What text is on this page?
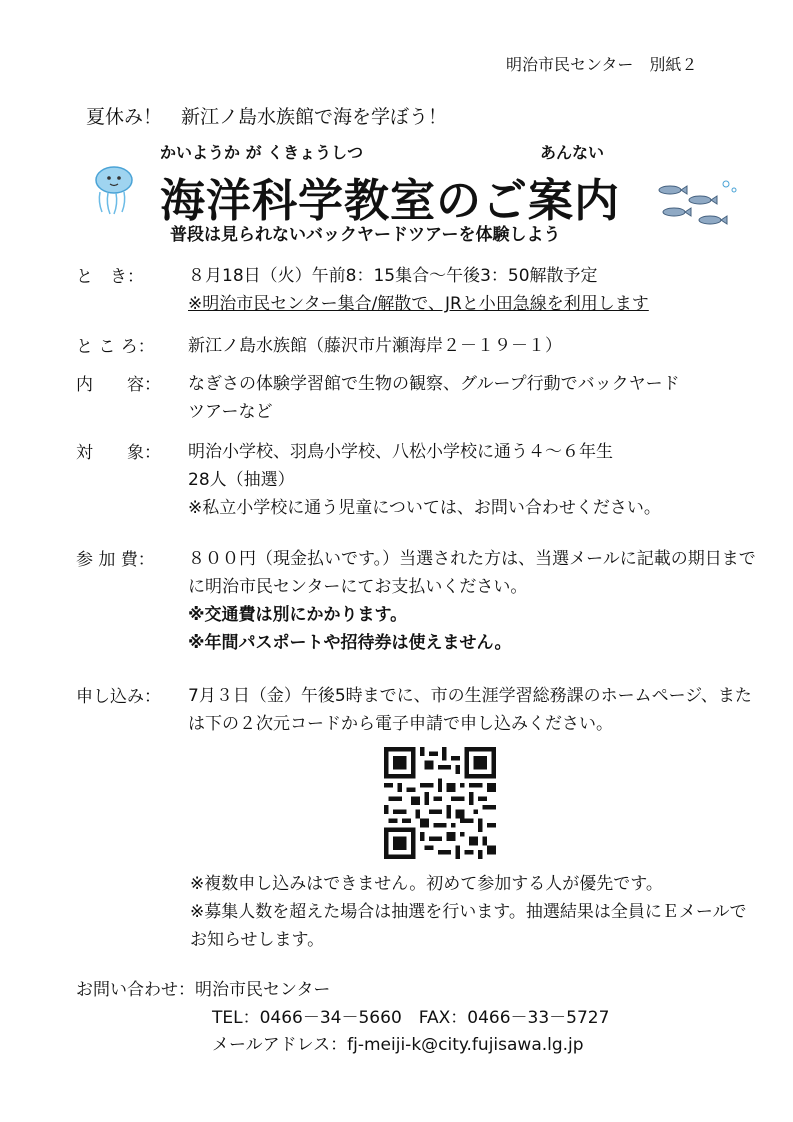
明治市民センター　別紙２
夏休み！　新江ノ島水族館で海を学ぼう！
かいようか が くきょうしつ	あんない
海洋科学教室のご案内
普段は見られないバックヤードツアーを体験しよう
と　き：	８月18日（火）午前8：15集合～午後3：50解散予定
※明治市民センター集合/解散で、JRと小田急線を利用します
と こ ろ：	新江ノ島水族館（藤沢市片瀬海岸２－１９－１）
内　　容：	なぎさの体験学習館で生物の観察、グループ行動でバックヤードツアーなど
対　　象：	明治小学校、羽鳥小学校、八松小学校に通う４～６年生
28人（抽選）
※私立小学校に通う児童については、お問い合わせください。
参 加 費：	８００円（現金払いです。）当選された方は、当選メールに記載の期日までに明治市民センターにてお支払いください。
※交通費は別にかかります。
※年間パスポートや招待券は使えません。
申し込み：	7月３日（金）午後5時までに、市の生涯学習総務課のホームページ、または下の２次元コードから電子申請で申し込みください。
※複数申し込みはできません。初めて参加する人が優先です。
※募集人数を超えた場合は抽選を行います。抽選結果は全員にＥメールでお知らせします。
お問い合わせ：明治市民センター
TEL：0466－34－5660　FAX：0466－33－5727
メールアドレス：fj-meiji-k@city.fujisawa.lg.jp
